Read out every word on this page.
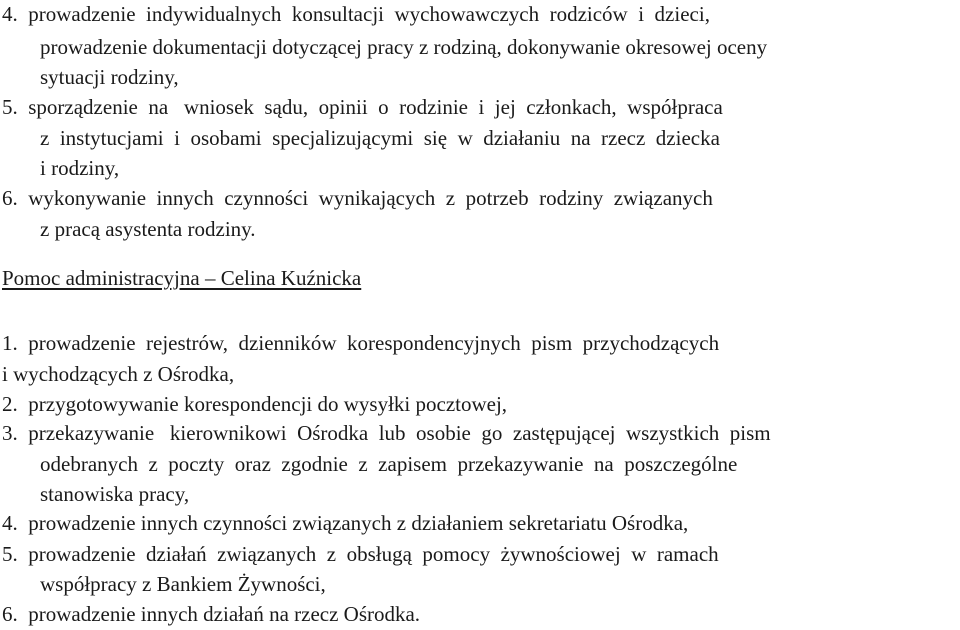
4.  prowadzenie  indywidualnych  konsultacji  wychowawczych  rodziców  i  dzieci,
prowadzenie dokumentacji dotyczącej pracy z rodziną, dokonywanie okresowej oceny
sytuacji rodziny,
5.  sporządzenie  na   wniosek  sądu,  opinii  o  rodzinie  i  jej  członkach,  współpraca
z  instytucjami  i  osobami  specjalizującymi  się  w  działaniu  na  rzecz  dziecka
i rodziny,
6.  wykonywanie  innych  czynności  wynikających  z  potrzeb  rodziny  związanych
z pracą asystenta rodziny.
Pomoc administracyjna – Celina Kuźnicka
1.  prowadzenie  rejestrów,  dzienników  korespondencyjnych  pism  przychodzących
i wychodzących z Ośrodka,
2.  przygotowywanie korespondencji do wysyłki pocztowej,
3.  przekazywanie   kierownikowi  Ośrodka  lub  osobie  go  zastępującej  wszystkich  pism
odebranych  z  poczty  oraz  zgodnie  z  zapisem  przekazywanie  na  poszczególne
stanowiska pracy,
4.  prowadzenie innych czynności związanych z działaniem sekretariatu Ośrodka,
5.  prowadzenie  działań  związanych  z  obsługą  pomocy  żywnościowej  w  ramach
współpracy z Bankiem Żywności,
6.  prowadzenie innych działań na rzecz Ośrodka.
